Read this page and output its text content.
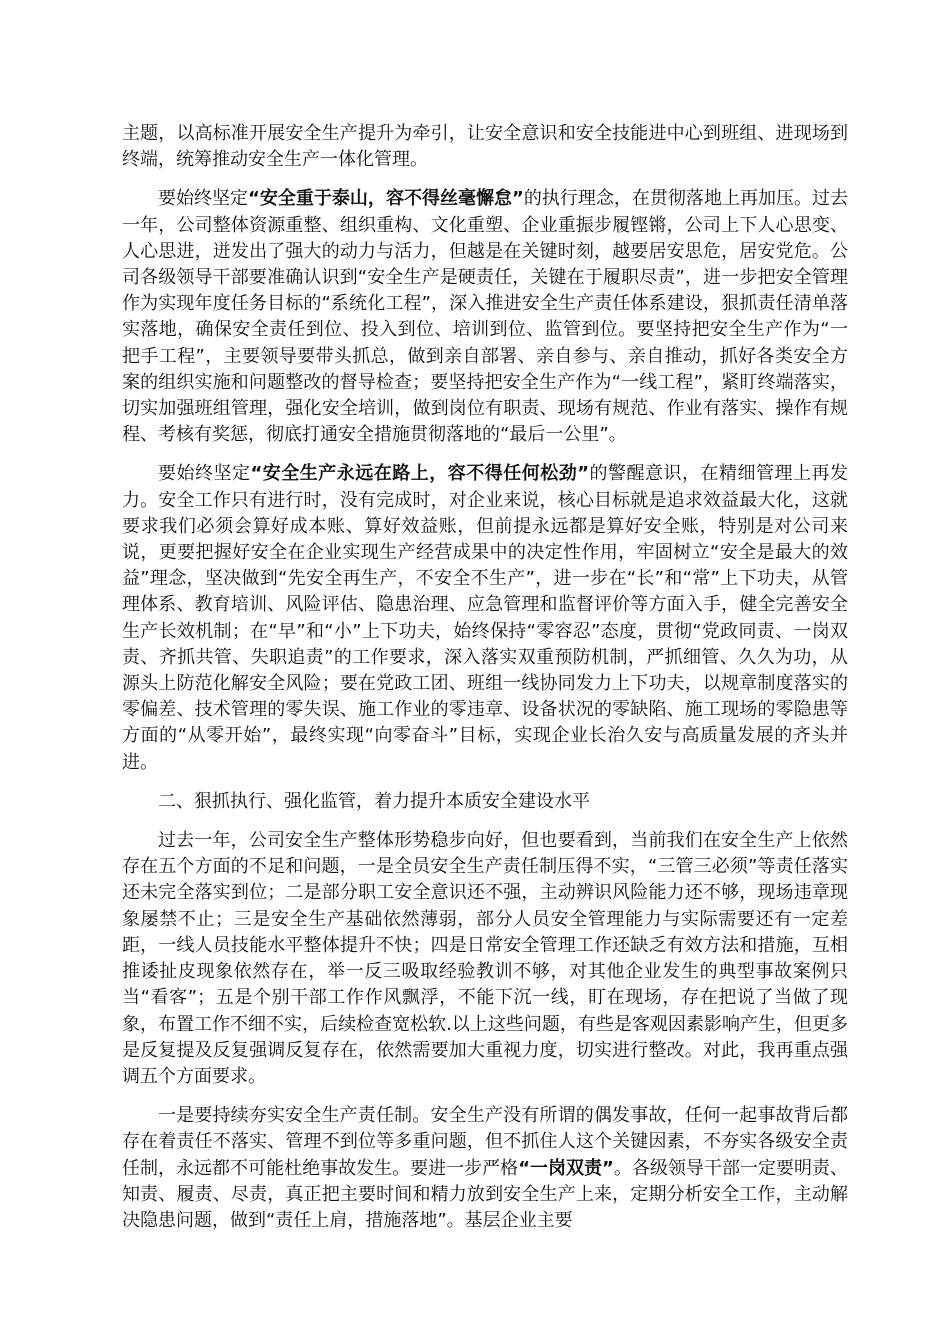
主题，以高标准开展安全生产提升为牵引，让安全意识和安全技能进中心到班组、进现场到终端，统筹推动安全生产一体化管理。

要始终坚定“安全重于泰山，容不得丝毫懈怠”的执行理念，在贯彻落地上再加压。过去一年，公司整体资源重整、组织重构、文化重塑、企业重振步履铿锵，公司上下人心思变、人心思进，迸发出了强大的动力与活力，但越是在关键时刻，越要居安思危，居安党危。公司各级领导干部要准确认识到“安全生产是硬责任，关键在于履职尽责”，进一步把安全管理作为实现年度任务目标的“系统化工程”，深入推进安全生产责任体系建设，狠抓责任清单落实落地，确保安全责任到位、投入到位、培训到位、监管到位。要坚持把安全生产作为“一把手工程”，主要领导要带头抓总，做到亲自部署、亲自参与、亲自推动，抓好各类安全方案的组织实施和问题整改的督导检查；要坚持把安全生产作为“一线工程”，紧盯终端落实，切实加强班组管理，强化安全培训，做到岗位有职责、现场有规范、作业有落实、操作有规程、考核有奖惩，彻底打通安全措施贯彻落地的“最后一公里”。

要始终坚定“安全生产永远在路上，容不得任何松劲”的警醒意识，在精细管理上再发力。安全工作只有进行时，没有完成时，对企业来说，核心目标就是追求效益最大化，这就要求我们必须会算好成本账、算好效益账，但前提永远都是算好安全账，特别是对公司来说，更要把握好安全在企业实现生产经营成果中的决定性作用，牢固树立“安全是最大的效益”理念，坚决做到“先安全再生产，不安全不生产”，进一步在“长”和“常”上下功夫，从管理体系、教育培训、风险评估、隐患治理、应急管理和监督评价等方面入手，健全完善安全生产长效机制；在“早”和“小”上下功夫，始终保持“零容忍”态度，贯彻“党政同责、一岗双责、齐抓共管、失职追责”的工作要求，深入落实双重预防机制，严抓细管、久久为功，从源头上防范化解安全风险；要在党政工团、班组一线协同发力上下功夫，以规章制度落实的零偏差、技术管理的零失误、施工作业的零违章、设备状况的零缺陷、施工现场的零隐患等方面的“从零开始”，最终实现“向零奋斗”目标，实现企业长治久安与高质量发展的齐头并进。

二、狠抓执行、强化监管，着力提升本质安全建设水平

过去一年，公司安全生产整体形势稳步向好，但也要看到，当前我们在安全生产上依然存在五个方面的不足和问题，一是全员安全生产责任制压得不实，“三管三必须”等责任落实还未完全落实到位；二是部分职工安全意识还不强，主动辨识风险能力还不够，现场违章现象屡禁不止；三是安全生产基础依然薄弱，部分人员安全管理能力与实际需要还有一定差距，一线人员技能水平整体提升不快；四是日常安全管理工作还缺乏有效方法和措施，互相推诿扯皮现象依然存在，举一反三吸取经验教训不够，对其他企业发生的典型事故案例只当“看客”；五是个别干部工作作风飘浮，不能下沉一线，盯在现场，存在把说了当做了现象，布置工作不细不实，后续检查宽松软.以上这些问题，有些是客观因素影响产生，但更多是反复提及反复强调反复存在，依然需要加大重视力度，切实进行整改。对此，我再重点强调五个方面要求。

一是要持续夯实安全生产责任制。安全生产没有所谓的偶发事故，任何一起事故背后都存在着责任不落实、管理不到位等多重问题，但不抓住人这个关键因素，不夯实各级安全责任制，永远都不可能杜绝事故发生。要进一步严格“一岗双责”。各级领导干部一定要明责、知责、履责、尽责，真正把主要时间和精力放到安全生产上来，定期分析安全工作，主动解决隐患问题，做到“责任上肩，措施落地”。基层企业主要
